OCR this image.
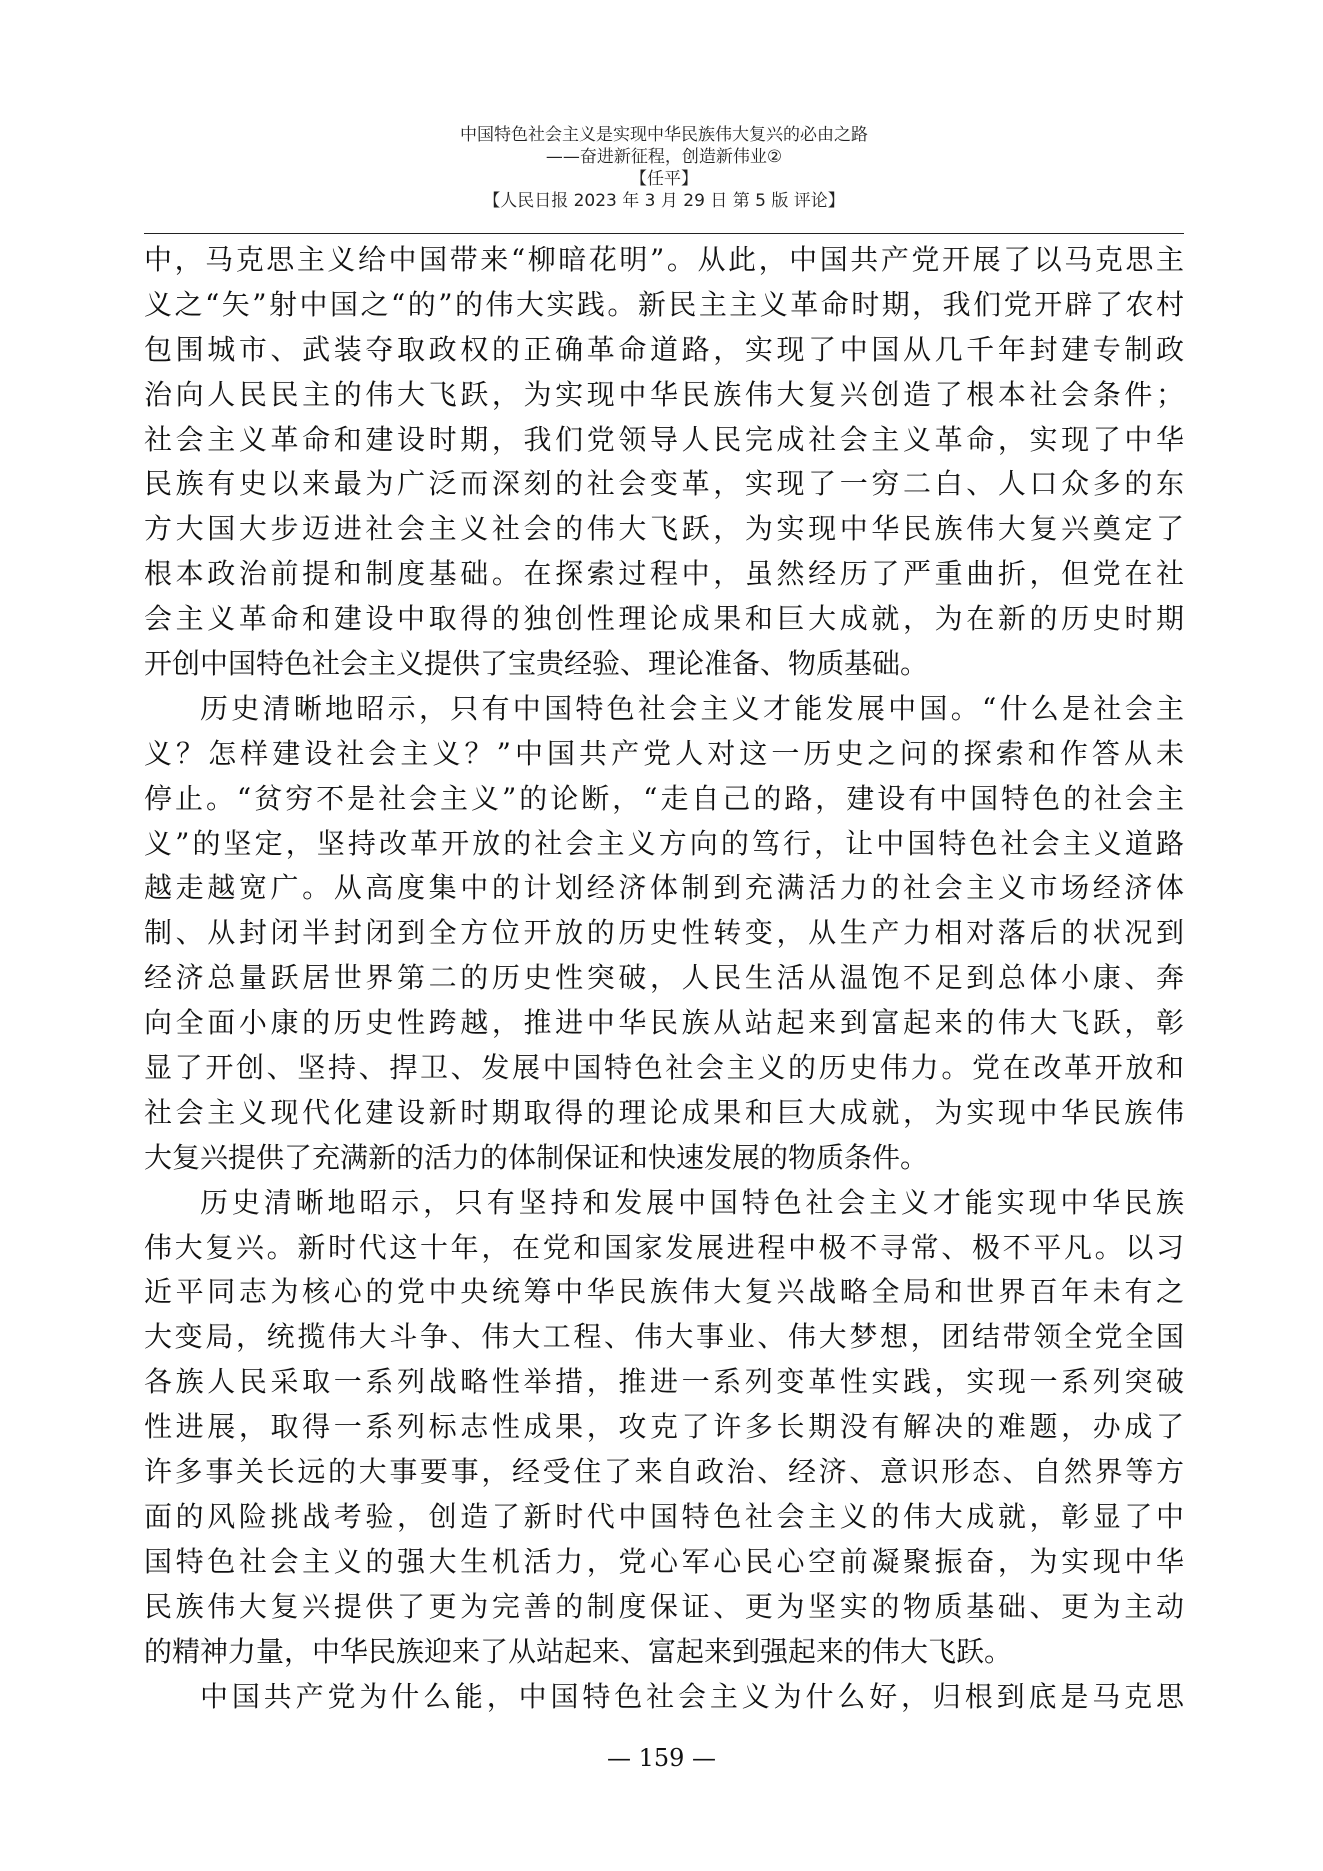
中国特色社会主义是实现中华民族伟大复兴的必由之路
——奋进新征程，创造新伟业②
【任平】
【人民日报 2023 年 3 月 29 日 第 5 版 评论】
中，马克思主义给中国带来“柳暗花明”。从此，中国共产党开展了以马克思主
义之“矢”射中国之“的”的伟大实践。新民主主义革命时期，我们党开辟了农村
包围城市、武装夺取政权的正确革命道路，实现了中国从几千年封建专制政
治向人民民主的伟大飞跃，为实现中华民族伟大复兴创造了根本社会条件；
社会主义革命和建设时期，我们党领导人民完成社会主义革命，实现了中华
民族有史以来最为广泛而深刻的社会变革，实现了一穷二白、人口众多的东
方大国大步迈进社会主义社会的伟大飞跃，为实现中华民族伟大复兴奠定了
根本政治前提和制度基础。在探索过程中，虽然经历了严重曲折，但党在社
会主义革命和建设中取得的独创性理论成果和巨大成就，为在新的历史时期
开创中国特色社会主义提供了宝贵经验、理论准备、物质基础。
历史清晰地昭示，只有中国特色社会主义才能发展中国。“什么是社会主
义？怎样建设社会主义？”中国共产党人对这一历史之问的探索和作答从未
停止。“贫穷不是社会主义”的论断，“走自己的路，建设有中国特色的社会主
义”的坚定，坚持改革开放的社会主义方向的笃行，让中国特色社会主义道路
越走越宽广。从高度集中的计划经济体制到充满活力的社会主义市场经济体
制、从封闭半封闭到全方位开放的历史性转变，从生产力相对落后的状况到
经济总量跃居世界第二的历史性突破，人民生活从温饱不足到总体小康、奔
向全面小康的历史性跨越，推进中华民族从站起来到富起来的伟大飞跃，彰
显了开创、坚持、捍卫、发展中国特色社会主义的历史伟力。党在改革开放和
社会主义现代化建设新时期取得的理论成果和巨大成就，为实现中华民族伟
大复兴提供了充满新的活力的体制保证和快速发展的物质条件。
历史清晰地昭示，只有坚持和发展中国特色社会主义才能实现中华民族
伟大复兴。新时代这十年，在党和国家发展进程中极不寻常、极不平凡。以习
近平同志为核心的党中央统筹中华民族伟大复兴战略全局和世界百年未有之
大变局，统揽伟大斗争、伟大工程、伟大事业、伟大梦想，团结带领全党全国
各族人民采取一系列战略性举措，推进一系列变革性实践，实现一系列突破
性进展，取得一系列标志性成果，攻克了许多长期没有解决的难题，办成了
许多事关长远的大事要事，经受住了来自政治、经济、意识形态、自然界等方
面的风险挑战考验，创造了新时代中国特色社会主义的伟大成就，彰显了中
国特色社会主义的强大生机活力，党心军心民心空前凝聚振奋，为实现中华
民族伟大复兴提供了更为完善的制度保证、更为坚实的物质基础、更为主动
的精神力量，中华民族迎来了从站起来、富起来到强起来的伟大飞跃。
中国共产党为什么能，中国特色社会主义为什么好，归根到底是马克思
— 159 —
